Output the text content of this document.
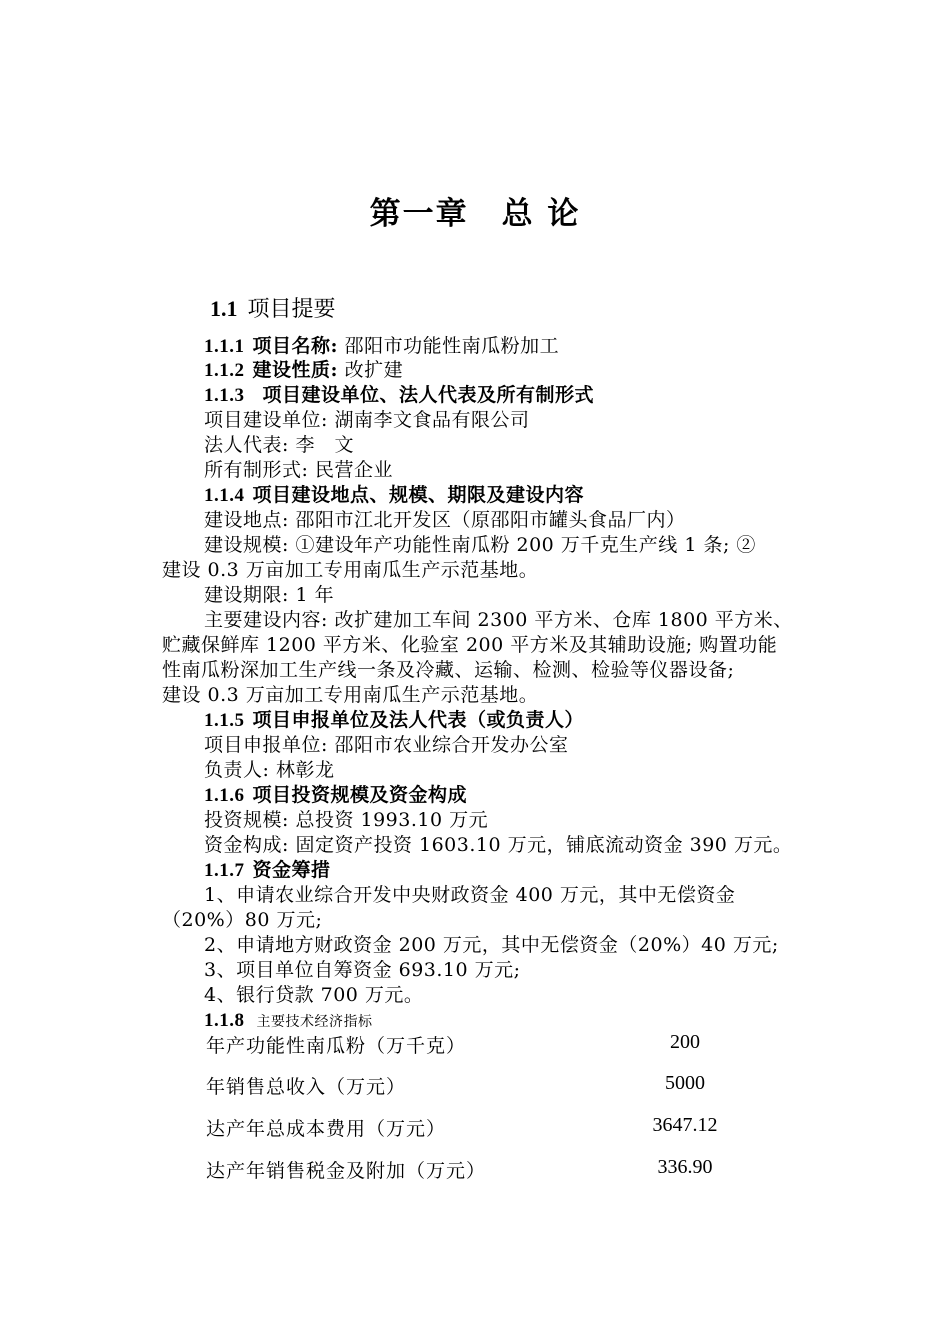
第一章　总 论
1.1 项目提要
1.1.1 项目名称: 邵阳市功能性南瓜粉加工
1.1.2 建设性质: 改扩建
1.1.3 项目建设单位、法人代表及所有制形式
项目建设单位: 湖南李文食品有限公司
法人代表: 李　文
所有制形式: 民营企业
1.1.4 项目建设地点、规模、期限及建设内容
建设地点: 邵阳市江北开发区（原邵阳市罐头食品厂内）
建设规模: ①建设年产功能性南瓜粉 200 万千克生产线 1 条; ②
建设 0.3 万亩加工专用南瓜生产示范基地。
建设期限: 1 年
主要建设内容: 改扩建加工车间 2300 平方米、仓库 1800 平方米、
贮藏保鲜库 1200 平方米、化验室 200 平方米及其辅助设施; 购置功能
性南瓜粉深加工生产线一条及冷藏、运输、检测、检验等仪器设备;
建设 0.3 万亩加工专用南瓜生产示范基地。
1.1.5 项目申报单位及法人代表（或负责人）
项目申报单位: 邵阳市农业综合开发办公室
负责人: 林彰龙
1.1.6 项目投资规模及资金构成
投资规模: 总投资 1993.10 万元
资金构成: 固定资产投资 1603.10 万元，铺底流动资金 390 万元。
1.1.7 资金筹措
1、申请农业综合开发中央财政资金 400 万元，其中无偿资金
（20%）80 万元;
2、申请地方财政资金 200 万元，其中无偿资金（20%）40 万元;
3、项目单位自筹资金 693.10 万元;
4、银行贷款 700 万元。
1.1.8 主要技术经济指标
年产功能性南瓜粉（万千克）	200
年销售总收入（万元）	5000
达产年总成本费用（万元）	3647.12
达产年销售税金及附加（万元）	336.90
